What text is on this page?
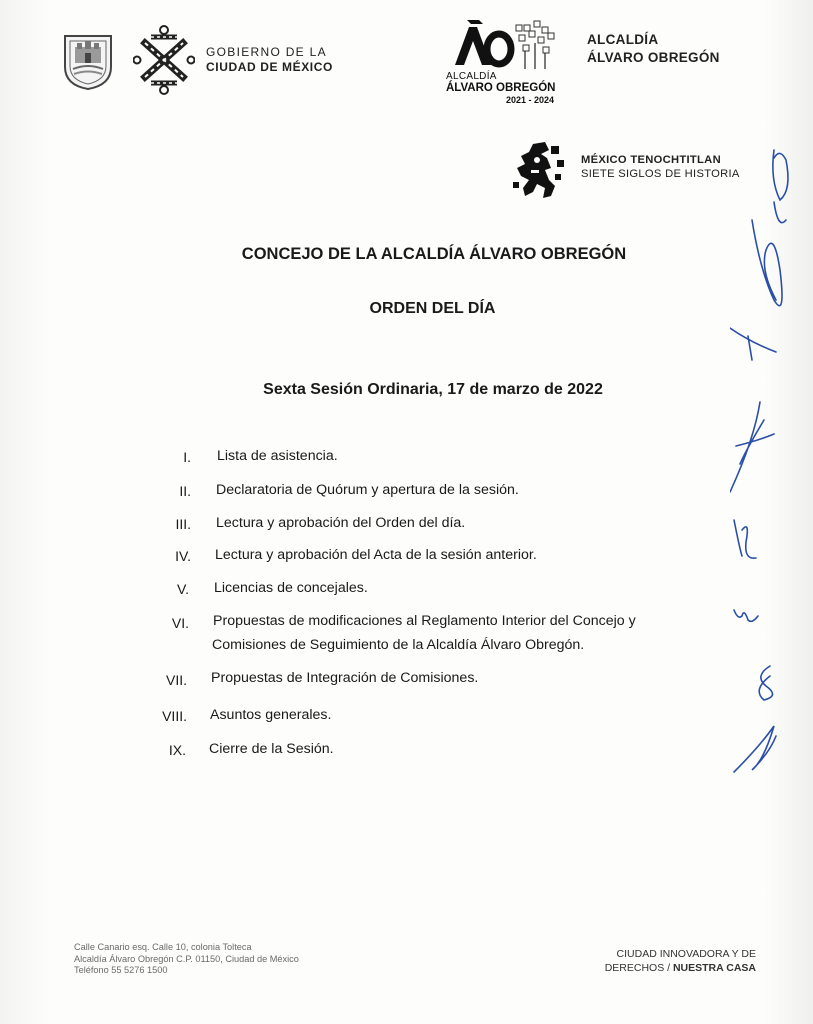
GOBIERNO DE LA
CIUDAD DE MÉXICO
ALCALDÍA
ÁLVARO OBREGÓN
2021 - 2024
ALCALDÍA
ÁLVARO OBREGÓN
MÉXICO TENOCHTITLAN
SIETE SIGLOS DE HISTORIA
CONCEJO DE LA ALCALDÍA ÁLVARO OBREGÓN
ORDEN DEL DÍA
Sexta Sesión Ordinaria, 17 de marzo de 2022
I. Lista de asistencia.
II. Declaratoria de Quórum y apertura de la sesión.
III. Lectura y aprobación del Orden del día.
IV. Lectura y aprobación del Acta de la sesión anterior.
V. Licencias de concejales.
VI. Propuestas de modificaciones al Reglamento Interior del Concejo y
Comisiones de Seguimiento de la Alcaldía Álvaro Obregón.
VII. Propuestas de Integración de Comisiones.
VIII. Asuntos generales.
IX. Cierre de la Sesión.
Calle Canario esq. Calle 10, colonia Tolteca
Alcaldía Álvaro Obregón C.P. 01150, Ciudad de México
Teléfono 55 5276 1500
CIUDAD INNOVADORA Y DE
DERECHOS / NUESTRA CASA
